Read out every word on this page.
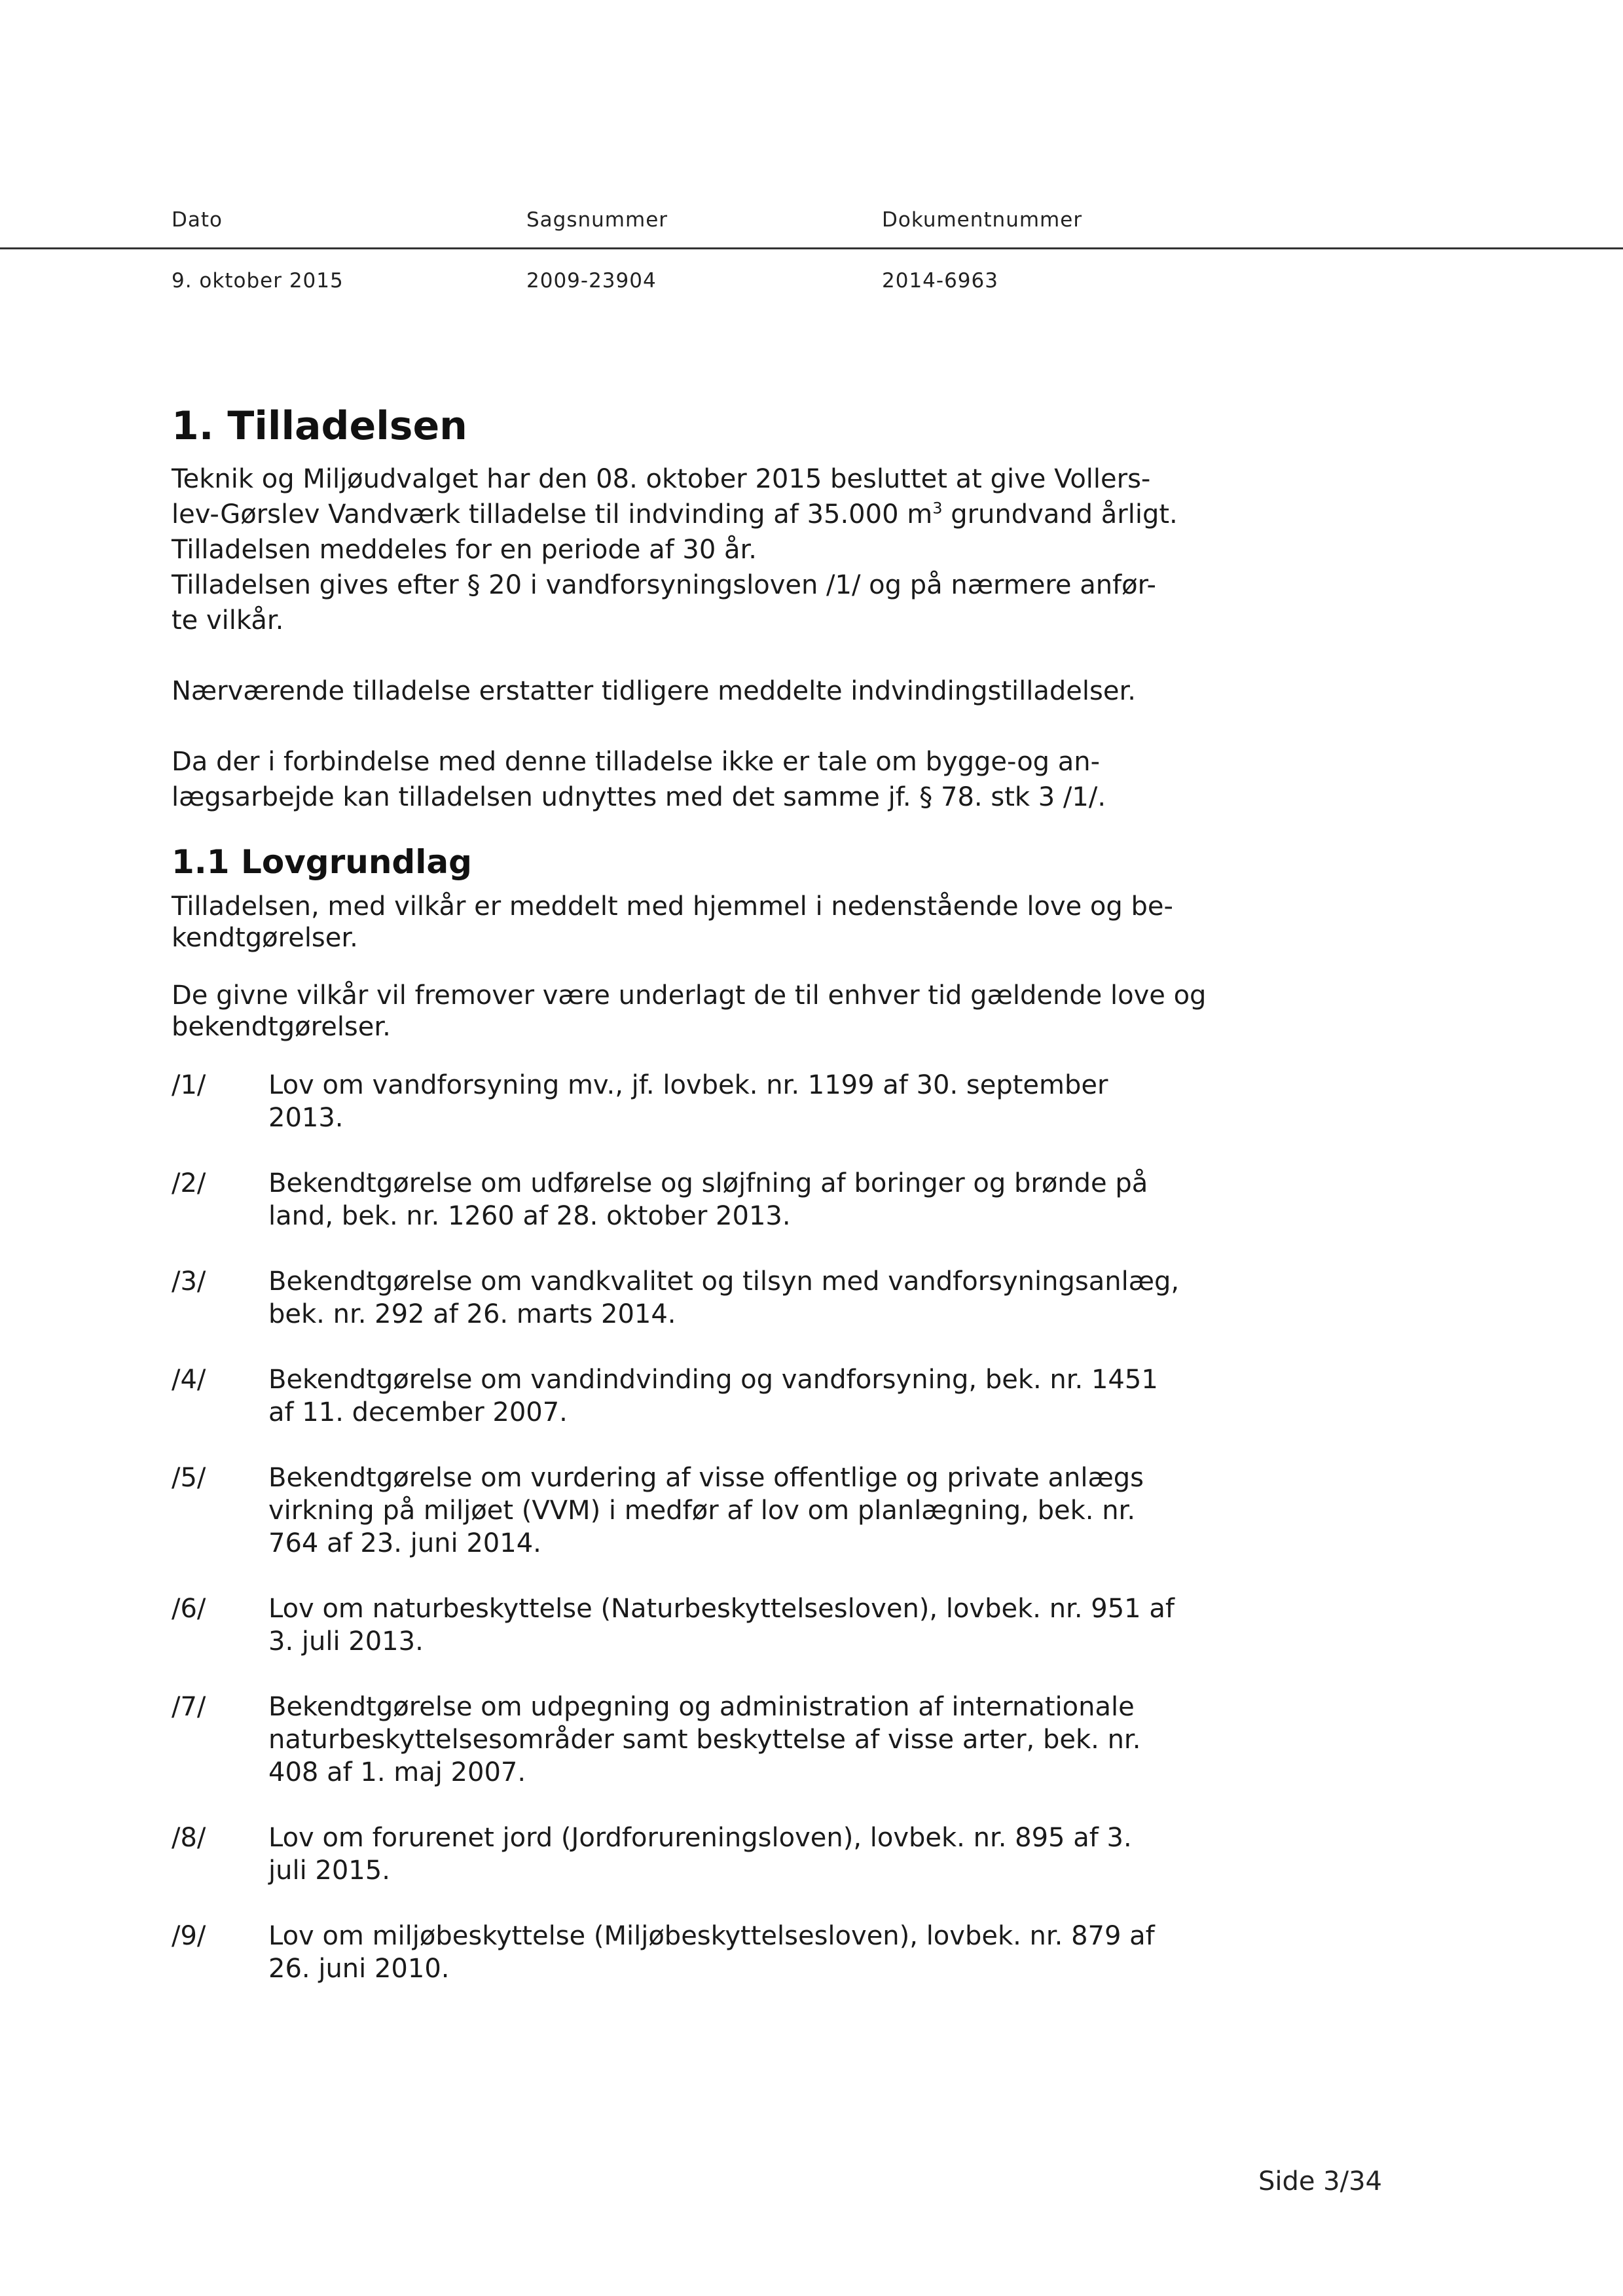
Dato	Sagsnummer	Dokumentnummer
9. oktober 2015	2009-23904	2014-6963
1. Tilladelsen

Teknik og Miljøudvalget har den 08. oktober 2015 besluttet at give Vollers-

lev-Gørslev Vandværk tilladelse til indvinding af 35.000 $m^3$ grundvand årligt.

Tilladelsen meddeles for en periode af 30 år.

Tilladelsen gives efter § 20 i vandforsyningsloven /1/ og på nærmere anfør-

te vilkår.

Nærværende tilladelse erstatter tidligere meddelte indvindingstilladelser.

Da der i forbindelse med denne tilladelse ikke er tale om bygge-og an-

lægsarbejde kan tilladelsen udnyttes med det samme jf. § 78. stk 3 /1/.

1.1 Lovgrundlag

Tilladelsen, med vilkår er meddelt med hjemmel i nedenstående love og be-

kendtgørelser.

De givne vilkår vil fremover være underlagt de til enhver tid gældende love og

bekendtgørelser.

/1/	Lov om vandforsyning mv., jf. lovbek. nr. 1199 af 30. september
2013.
/2/	Bekendtgørelse om udførelse og sløjfning af boringer og brønde på
land, bek. nr. 1260 af 28. oktober 2013.
/3/	Bekendtgørelse om vandkvalitet og tilsyn med vandforsyningsanlæg,
bek. nr. 292 af 26. marts 2014.
/4/	Bekendtgørelse om vandindvinding og vandforsyning, bek. nr. 1451
af 11. december 2007.
/5/	Bekendtgørelse om vurdering af visse offentlige og private anlægs
virkning på miljøet (VVM) i medfør af lov om planlægning, bek. nr.
764 af 23. juni 2014.
/6/	Lov om naturbeskyttelse (Naturbeskyttelsesloven), lovbek. nr. 951 af
3. juli 2013.
/7/	Bekendtgørelse om udpegning og administration af internationale
naturbeskyttelsesområder samt beskyttelse af visse arter, bek. nr.
408 af 1. maj 2007.
/8/	Lov om forurenet jord (Jordforureningsloven), lovbek. nr. 895 af 3.
juli 2015.
/9/	Lov om miljøbeskyttelse (Miljøbeskyttelsesloven), lovbek. nr. 879 af
26. juni 2010.
Side 3/34
